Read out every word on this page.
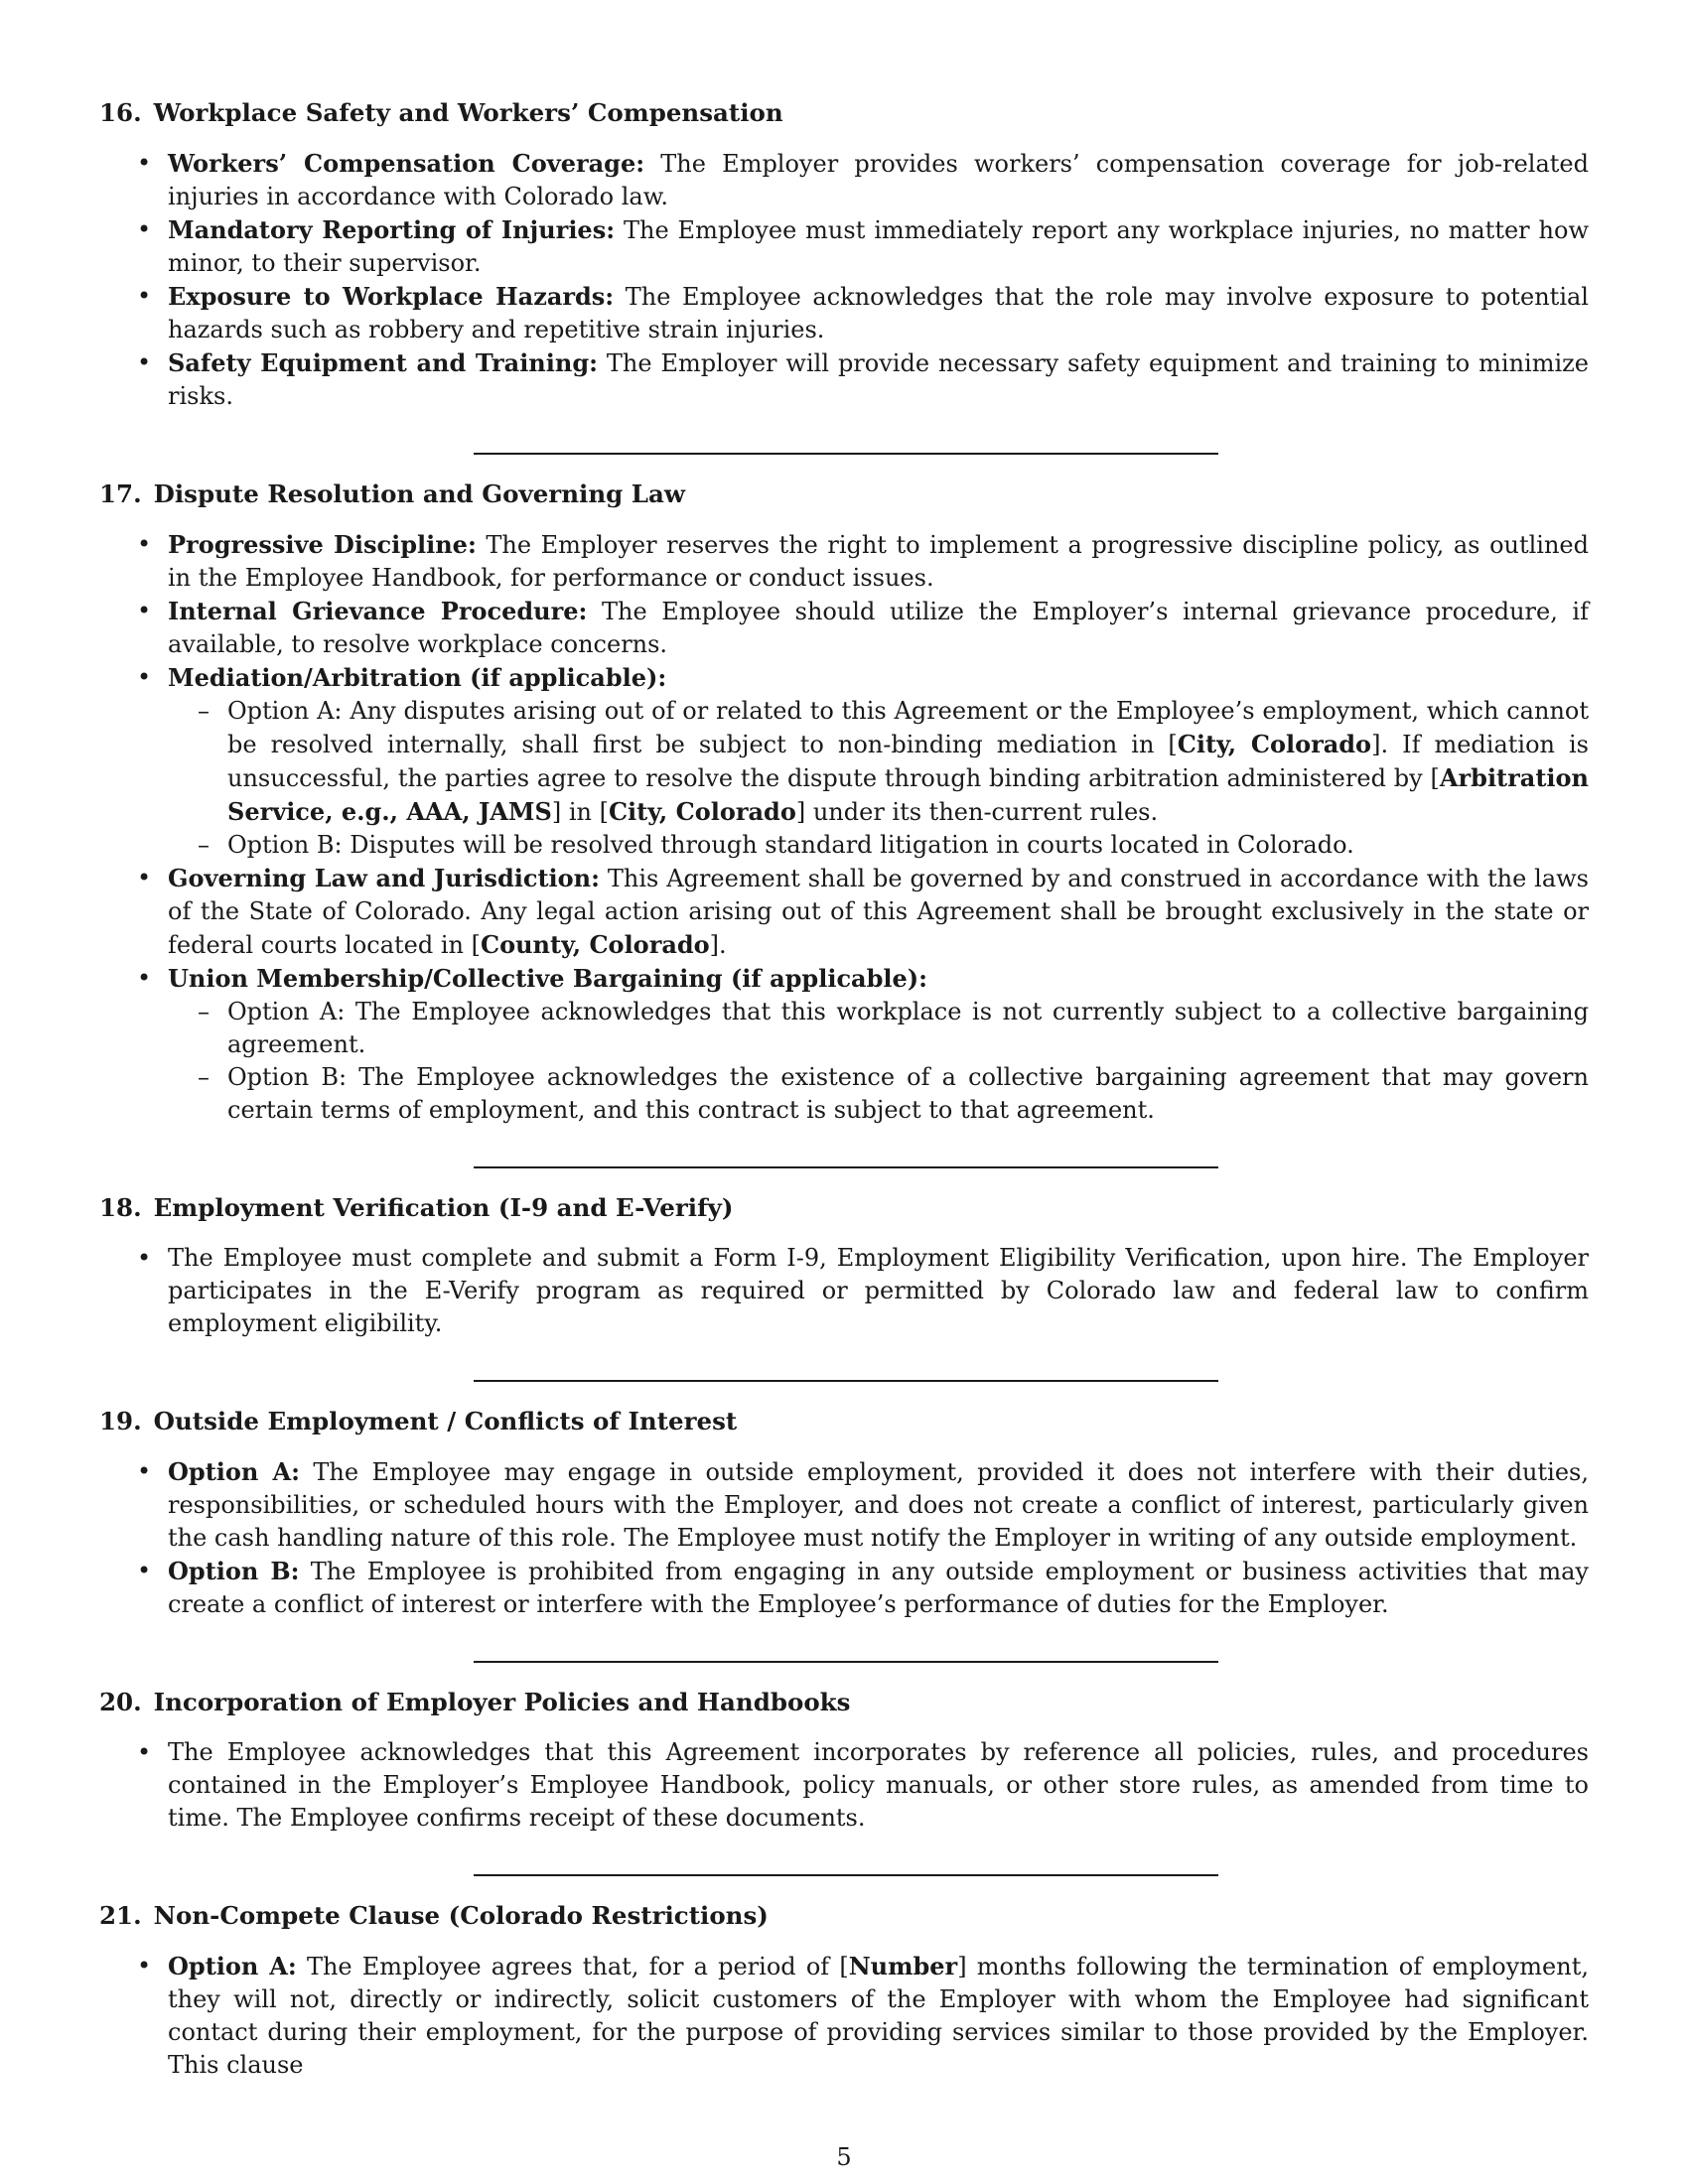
16. Workplace Safety and Workers’ Compensation
• Workers’ Compensation Coverage: The Employer provides workers’ compensation coverage for job-related injuries in accordance with Colorado law.
• Mandatory Reporting of Injuries: The Employee must immediately report any workplace injuries, no matter how minor, to their supervisor.
• Exposure to Workplace Hazards: The Employee acknowledges that the role may involve exposure to potential hazards such as robbery and repetitive strain injuries.
• Safety Equipment and Training: The Employer will provide necessary safety equipment and training to minimize risks.
17. Dispute Resolution and Governing Law
• Progressive Discipline: The Employer reserves the right to implement a progressive discipline policy, as outlined in the Employee Handbook, for performance or conduct issues.
• Internal Grievance Procedure: The Employee should utilize the Employer’s internal grievance procedure, if available, to resolve workplace concerns.
• Mediation/Arbitration (if applicable):
– Option A: Any disputes arising out of or related to this Agreement or the Employee’s employment, which cannot be resolved internally, shall first be subject to non-binding mediation in [City, Colorado]. If mediation is unsuccessful, the parties agree to resolve the dispute through binding arbitration administered by [Arbitration Service, e.g., AAA, JAMS] in [City, Colorado] under its then-current rules.
– Option B: Disputes will be resolved through standard litigation in courts located in Colorado.
• Governing Law and Jurisdiction: This Agreement shall be governed by and construed in accordance with the laws of the State of Colorado. Any legal action arising out of this Agreement shall be brought exclusively in the state or federal courts located in [County, Colorado].
• Union Membership/Collective Bargaining (if applicable):
– Option A: The Employee acknowledges that this workplace is not currently subject to a collective bargaining agreement.
– Option B: The Employee acknowledges the existence of a collective bargaining agreement that may govern certain terms of employment, and this contract is subject to that agreement.
18. Employment Verification (I-9 and E-Verify)
• The Employee must complete and submit a Form I-9, Employment Eligibility Verification, upon hire. The Employer participates in the E-Verify program as required or permitted by Colorado law and federal law to confirm employment eligibility.
19. Outside Employment / Conflicts of Interest
• Option A: The Employee may engage in outside employment, provided it does not interfere with their duties, responsibilities, or scheduled hours with the Employer, and does not create a conflict of interest, particularly given the cash handling nature of this role. The Employee must notify the Employer in writing of any outside employment.
• Option B: The Employee is prohibited from engaging in any outside employment or business activities that may create a conflict of interest or interfere with the Employee’s performance of duties for the Employer.
20. Incorporation of Employer Policies and Handbooks
• The Employee acknowledges that this Agreement incorporates by reference all policies, rules, and procedures contained in the Employer’s Employee Handbook, policy manuals, or other store rules, as amended from time to time. The Employee confirms receipt of these documents.
21. Non-Compete Clause (Colorado Restrictions)
• Option A: The Employee agrees that, for a period of [Number] months following the termination of employment, they will not, directly or indirectly, solicit customers of the Employer with whom the Employee had significant contact during their employment, for the purpose of providing services similar to those provided by the Employer. This clause
5
